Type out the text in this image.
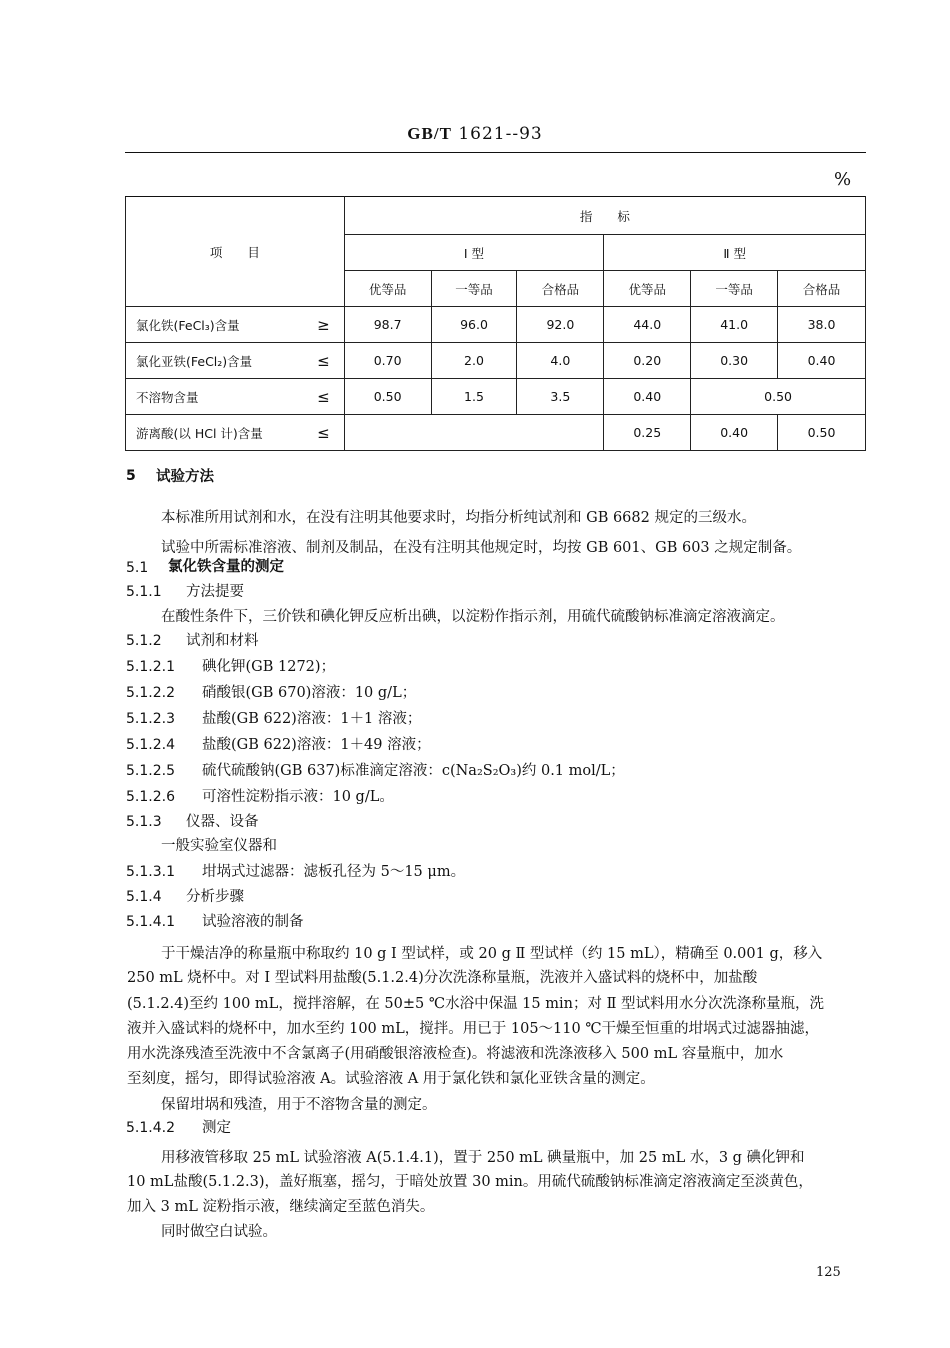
GB/T 1621--93
%
项　　目	指　　标					
	Ⅰ 型			Ⅱ 型		
	优等品	一等品	合格品	优等品	一等品	合格品
氯化铁(FeCl₃)含量 ≥	98.7	96.0	92.0	44.0	41.0	38.0
氯化亚铁(FeCl₂)含量 ≤	0.70	2.0	4.0	0.20	0.30	0.40
不溶物含量 ≤	0.50	1.5	3.5	0.40	0.50	
游离酸(以 HCl 计)含量 ≤				0.25	0.40	0.50
5 试验方法
本标准所用试剂和水，在没有注明其他要求时，均指分析纯试剂和 GB 6682 规定的三级水。
试验中所需标准溶液、制剂及制品，在没有注明其他规定时，均按 GB 601、GB 603 之规定制备。
5.1 氯化铁含量的测定
5.1.1 方法提要
在酸性条件下，三价铁和碘化钾反应析出碘，以淀粉作指示剂，用硫代硫酸钠标准滴定溶液滴定。
5.1.2 试剂和材料
5.1.2.1 碘化钾(GB 1272)；
5.1.2.2 硝酸银(GB 670)溶液：10 g/L；
5.1.2.3 盐酸(GB 622)溶液：1＋1 溶液；
5.1.2.4 盐酸(GB 622)溶液：1＋49 溶液；
5.1.2.5 硫代硫酸钠(GB 637)标准滴定溶液：c(Na₂S₂O₃)约 0.1 mol/L；
5.1.2.6 可溶性淀粉指示液：10 g/L。
5.1.3 仪器、设备
一般实验室仪器和
5.1.3.1 坩埚式过滤器：滤板孔径为 5～15 μm。
5.1.4 分析步骤
5.1.4.1 试验溶液的制备
于干燥洁净的称量瓶中称取约 10 g Ⅰ 型试样，或 20 g Ⅱ 型试样（约 15 mL），精确至 0.001 g，移入
250 mL 烧杯中。对 Ⅰ 型试料用盐酸(5.1.2.4)分次洗涤称量瓶，洗液并入盛试料的烧杯中，加盐酸
(5.1.2.4)至约 100 mL，搅拌溶解，在 50±5 ℃水浴中保温 15 min；对 Ⅱ 型试料用水分次洗涤称量瓶，洗
液并入盛试料的烧杯中，加水至约 100 mL，搅拌。用已于 105～110 ℃干燥至恒重的坩埚式过滤器抽滤，
用水洗涤残渣至洗液中不含氯离子(用硝酸银溶液检查)。将滤液和洗涤液移入 500 mL 容量瓶中，加水
至刻度，摇匀，即得试验溶液 A。试验溶液 A 用于氯化铁和氯化亚铁含量的测定。
保留坩埚和残渣，用于不溶物含量的测定。
5.1.4.2 测定
用移液管移取 25 mL 试验溶液 A(5.1.4.1)，置于 250 mL 碘量瓶中，加 25 mL 水，3 g 碘化钾和
10 mL盐酸(5.1.2.3)，盖好瓶塞，摇匀，于暗处放置 30 min。用硫代硫酸钠标准滴定溶液滴定至淡黄色，
加入 3 mL 淀粉指示液，继续滴定至蓝色消失。
同时做空白试验。
125
